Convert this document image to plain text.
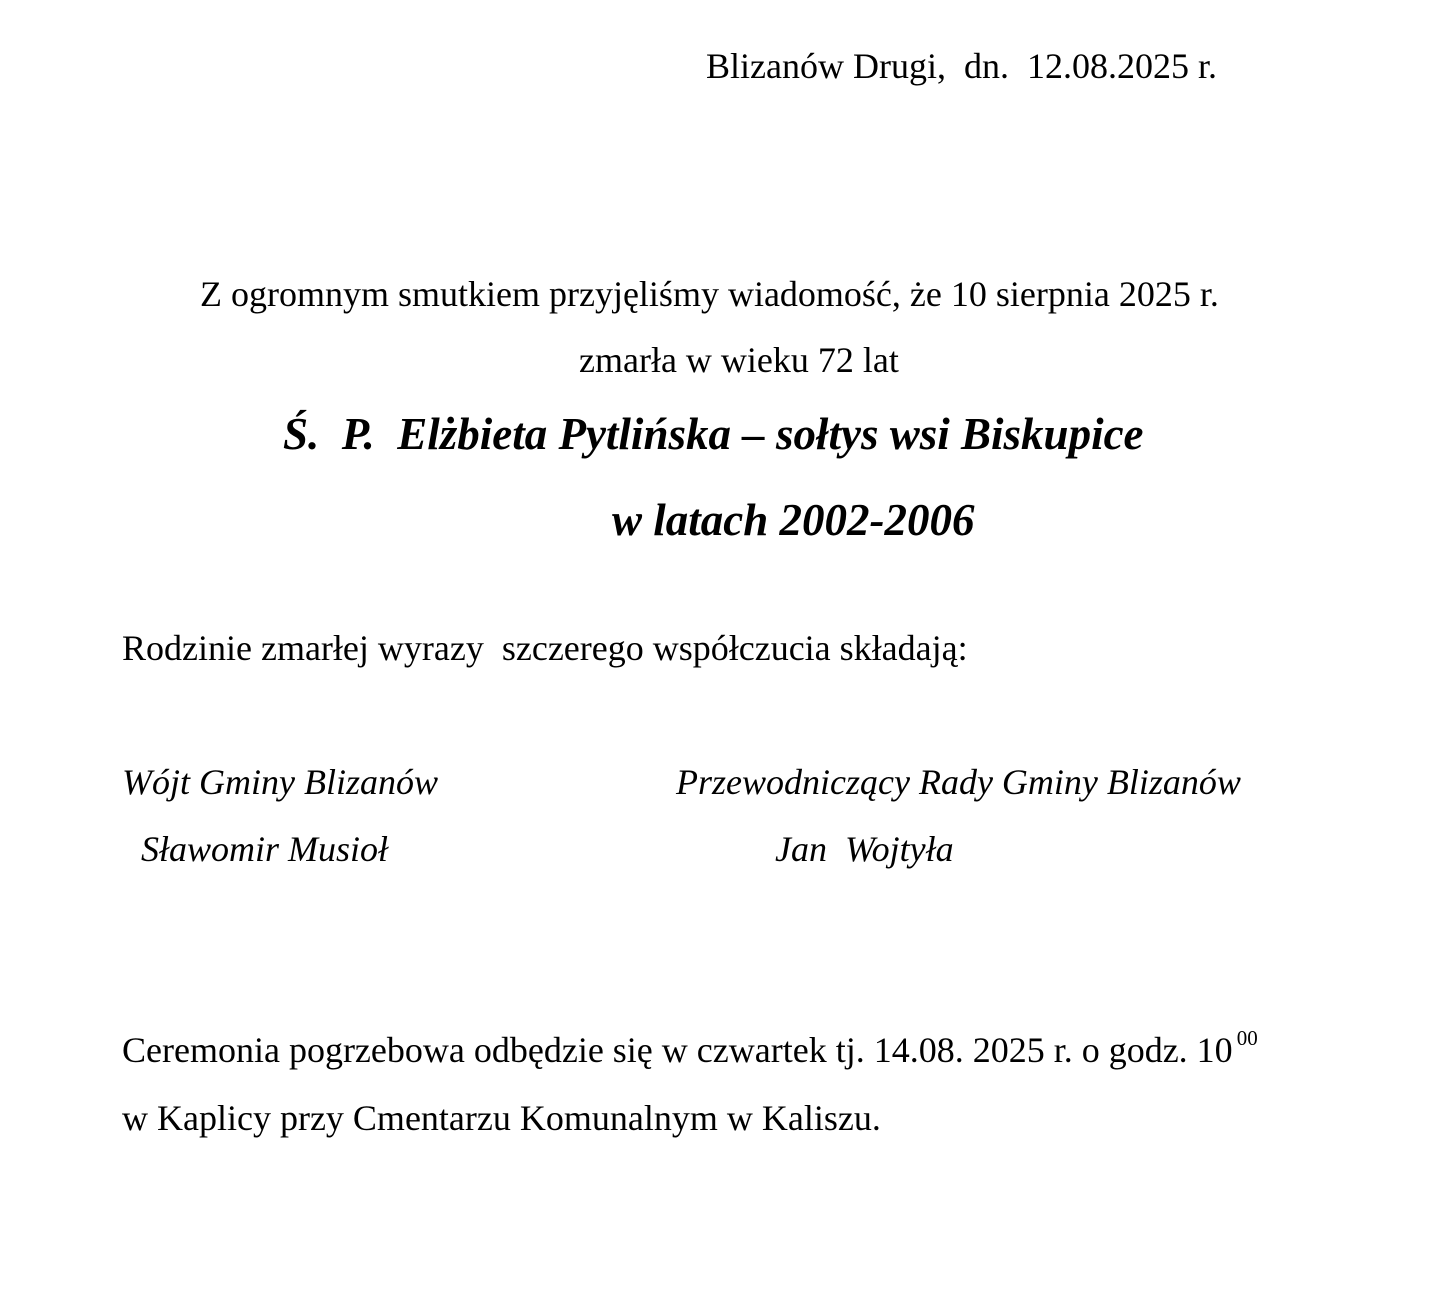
Blizanów Drugi,  dn.  12.08.2025 r.
Z ogromnym smutkiem przyjęliśmy wiadomość, że 10 sierpnia 2025 r.
zmarła w wieku 72 lat
Ś.  P.  Elżbieta Pytlińska – sołtys wsi Biskupice
w latach 2002-2006
Rodzinie zmarłej wyrazy  szczerego współczucia składają:
Wójt Gminy Blizanów	Przewodniczący Rady Gminy Blizanów
Sławomir Musioł	Jan  Wojtyła
Ceremonia pogrzebowa odbędzie się w czwartek tj. 14.08. 2025 r. o godz. 10 $^{00}$
w Kaplicy przy Cmentarzu Komunalnym w Kaliszu.
